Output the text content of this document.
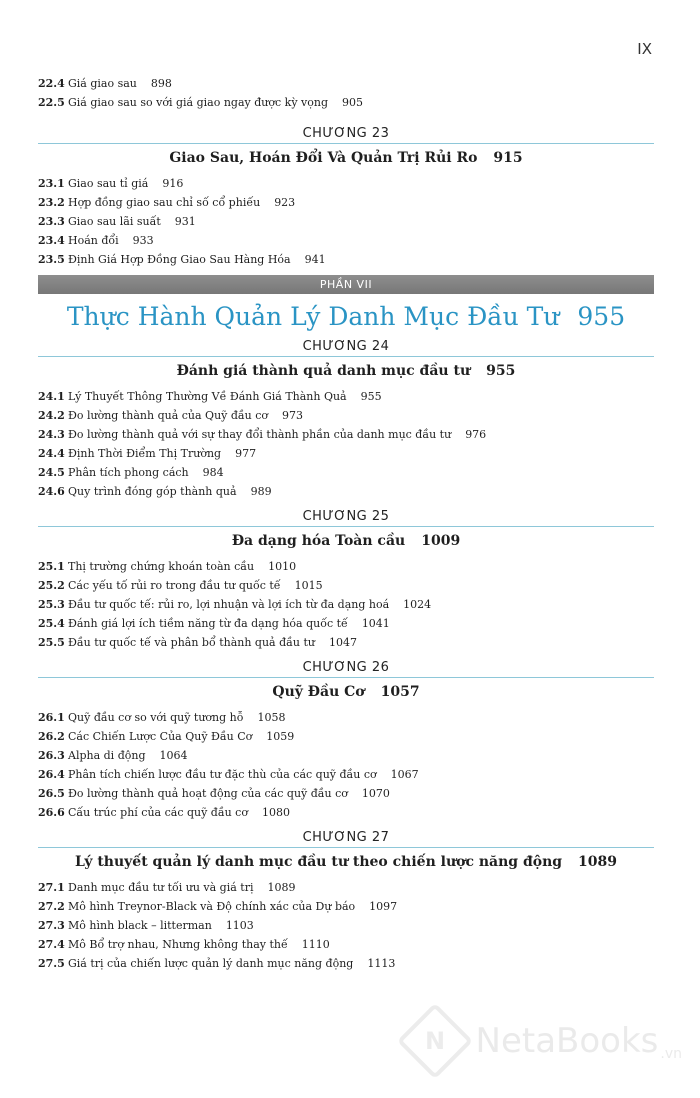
IX
22.4 Giá giao sau	898
22.5 Giá giao sau so với giá giao ngay được kỳ vọng	905
CHƯƠNG 23
Giao Sau, Hoán Đổi Và Quản Trị Rủi Ro 915
23.1 Giao sau tỉ giá	916
23.2 Hợp đồng giao sau chỉ số cổ phiếu	923
23.3 Giao sau lãi suất	931
23.4 Hoán đổi	933
23.5 Định Giá Hợp Đồng Giao Sau Hàng Hóa	941
PHẦN VII
Thực Hành Quản Lý Danh Mục Đầu Tư 955
CHƯƠNG 24
Đánh giá thành quả danh mục đầu tư 955
24.1 Lý Thuyết Thông Thường Về Đánh Giá Thành Quả	955
24.2 Đo lường thành quả của Quỹ đầu cơ	973
24.3 Đo lường thành quả với sự thay đổi thành phần của danh mục đầu tư	976
24.4 Định Thời Điểm Thị Trường	977
24.5 Phân tích phong cách	984
24.6 Quy trình đóng góp thành quả	989
CHƯƠNG 25
Đa dạng hóa Toàn cầu 1009
25.1 Thị trường chứng khoán toàn cầu	1010
25.2 Các yếu tố rủi ro trong đầu tư quốc tế	1015
25.3 Đầu tư quốc tế: rủi ro, lợi nhuận và lợi ích từ đa dạng hoá	1024
25.4 Đánh giá lợi ích tiềm năng từ đa dạng hóa quốc tế	1041
25.5 Đầu tư quốc tế và phân bổ thành quả đầu tư	1047
CHƯƠNG 26
Quỹ Đầu Cơ 1057
26.1 Quỹ đầu cơ so với quỹ tương hỗ	1058
26.2 Các Chiến Lược Của Quỹ Đầu Cơ	1059
26.3 Alpha di động	1064
26.4 Phân tích chiến lược đầu tư đặc thù của các quỹ đầu cơ	1067
26.5 Đo lường thành quả hoạt động của các quỹ đầu cơ	1070
26.6 Cấu trúc phí của các quỹ đầu cơ	1080
CHƯƠNG 27
Lý thuyết quản lý danh mục đầu tư theo chiến lược năng động 1089
27.1 Danh mục đầu tư tối ưu và giá trị	1089
27.2 Mô hình Treynor-Black và Độ chính xác của Dự báo	1097
27.3 Mô hình black – litterman	1103
27.4 Mô Bổ trợ nhau, Nhưng không thay thế	1110
27.5 Giá trị của chiến lược quản lý danh mục năng động	1113
N NetaBooks .vn
